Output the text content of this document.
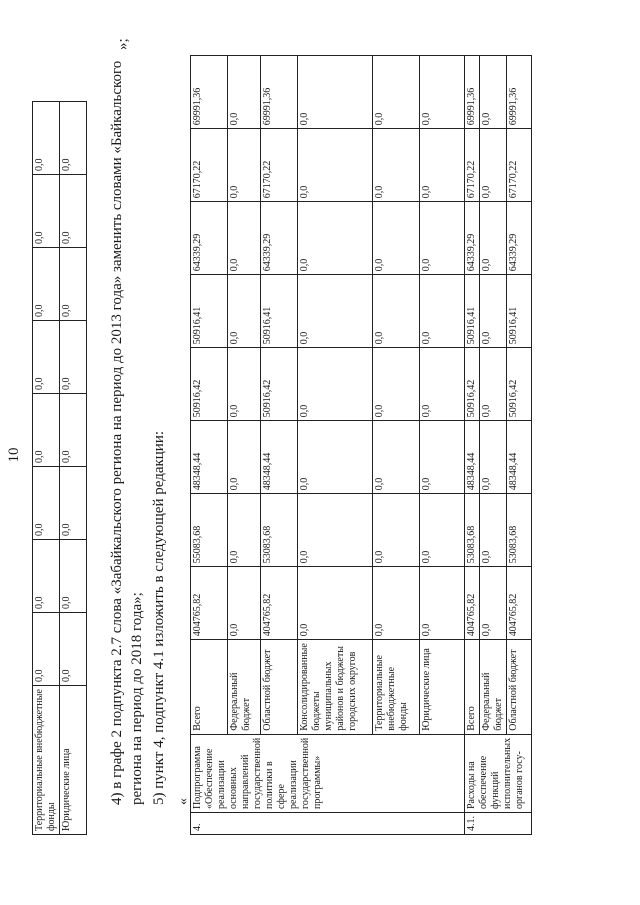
10
Территориальные внебюджетные фонды	0,0	0,0	0,0	0,0	0,0	0,0	0,0	0,0
Юридические лица	0,0	0,0	0,0	0,0	0,0	0,0	0,0	0,0
»;
4) в графе 2 подпункта 2.7 слова «Забайкальского региона на период до 2013 года» заменить словами «Байкальского региона на период до 2018 года»; 5) пункт 4, подпункт 4.1 изложить в следующей редакции: «
4.	Подпрограмма «Обеспечение реализации основных направлений государственной политики в сфере реализации государственной программы»	Всего	404765,82	55083,68	48348,44	50916,42	50916,41	64339,29	67170,22	69991,36
		Федеральный бюджет	0,0	0,0	0,0	0,0	0,0	0,0	0,0	0,0
		Областной бюджет	404765,82	53083,68	48348,44	50916,42	50916,41	64339,29	67170,22	69991,36
		Консолидированные бюджеты муниципальных районов и бюджеты городских округов	0,0	0,0	0,0	0,0	0,0	0,0	0,0	0,0
		Территориальные внебюджетные фонды	0,0	0,0	0,0	0,0	0,0	0,0	0,0	0,0
		Юридические лица	0,0	0,0	0,0	0,0	0,0	0,0	0,0	0,0
4.1.	Расходы на обеспечение функций исполнительных органов госу-	Всего	404765,82	53083,68	48348,44	50916,42	50916,41	64339,29	67170,22	69991,36
		Федеральный бюджет	0,0	0,0	0,0	0,0	0,0	0,0	0,0	0,0
		Областной бюджет	404765,82	53083,68	48348,44	50916,42	50916,41	64339,29	67170,22	69991,36
